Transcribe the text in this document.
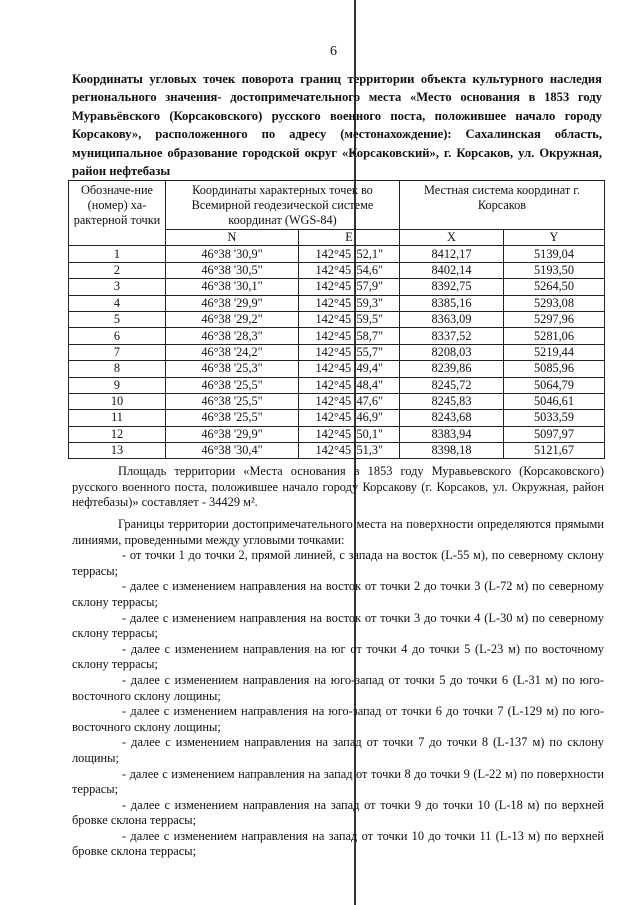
6
Координаты угловых точек поворота границ территории объекта культурного наследия регионального значения- достопримечательного места «Место основания в 1853 году Муравьёвского (Корсаковского) русского военного поста, положившее начало городу Корсакову», расположенного по адресу (местонахождение): Сахалинская область, муниципальное образование городской округ «Корсаковский», г. Корсаков, ул. Окружная, район нефтебазы
Обозначе-ние (номер) ха-рактерной точки	Координаты характерных точек во Всемирной геодезической системе координат (WGS-84)		Местная система координат г. Корсаков	
	N	E	X	Y
1	46°38 '30,9"	142°45 '52,1"	8412,17	5139,04
2	46°38 '30,5"	142°45 '54,6"	8402,14	5193,50
3	46°38 '30,1"	142°45 '57,9"	8392,75	5264,50
4	46°38 '29,9"	142°45 '59,3"	8385,16	5293,08
5	46°38 '29,2"	142°45 '59,5"	8363,09	5297,96
6	46°38 '28,3"	142°45 '58,7"	8337,52	5281,06
7	46°38 '24,2"	142°45 '55,7"	8208,03	5219,44
8	46°38 '25,3"	142°45 '49,4"	8239,86	5085,96
9	46°38 '25,5"	142°45 '48,4"	8245,72	5064,79
10	46°38 '25,5"	142°45 '47,6"	8245,83	5046,61
11	46°38 '25,5"	142°45 '46,9"	8243,68	5033,59
12	46°38 '29,9"	142°45 '50,1"	8383,94	5097,97
13	46°38 '30,4"	142°45 '51,3"	8398,18	5121,67

Площадь территории «Места основания в 1853 году Муравьевского (Корсаковского) русского военного поста, положившее начало городу Корсакову (г. Корсаков, ул. Окружная, район нефтебазы)» составляет - 34429 м².

Границы территории достопримечательного места на поверхности определяются прямыми линиями, проведенными между угловыми точками:

- от точки 1 до точки 2, прямой линией, с запада на восток (L-55 м), по северному склону террасы;

- далее с изменением направления на восток от точки 2 до точки 3 (L-72 м) по северному склону террасы;

- далее с изменением направления на восток от точки 3 до точки 4 (L-30 м) по северному склону террасы;

- далее с изменением направления на юг от точки 4 до точки 5 (L-23 м) по восточному склону террасы;

- далее с изменением направления на юго-запад от точки 5 до точки 6 (L-31 м) по юго-восточного склону лощины;

- далее с изменением направления на юго-запад от точки 6 до точки 7 (L-129 м) по юго-восточного склону лощины;

- далее с изменением направления на запад от точки 7 до точки 8 (L-137 м) по склону лощины;

- далее с изменением направления на запад от точки 8 до точки 9 (L-22 м) по поверхности террасы;

- далее с изменением направления на запад от точки 9 до точки 10 (L-18 м) по верхней бровке склона террасы;

- далее с изменением направления на запад от точки 10 до точки 11 (L-13 м) по верхней бровке склона террасы;
